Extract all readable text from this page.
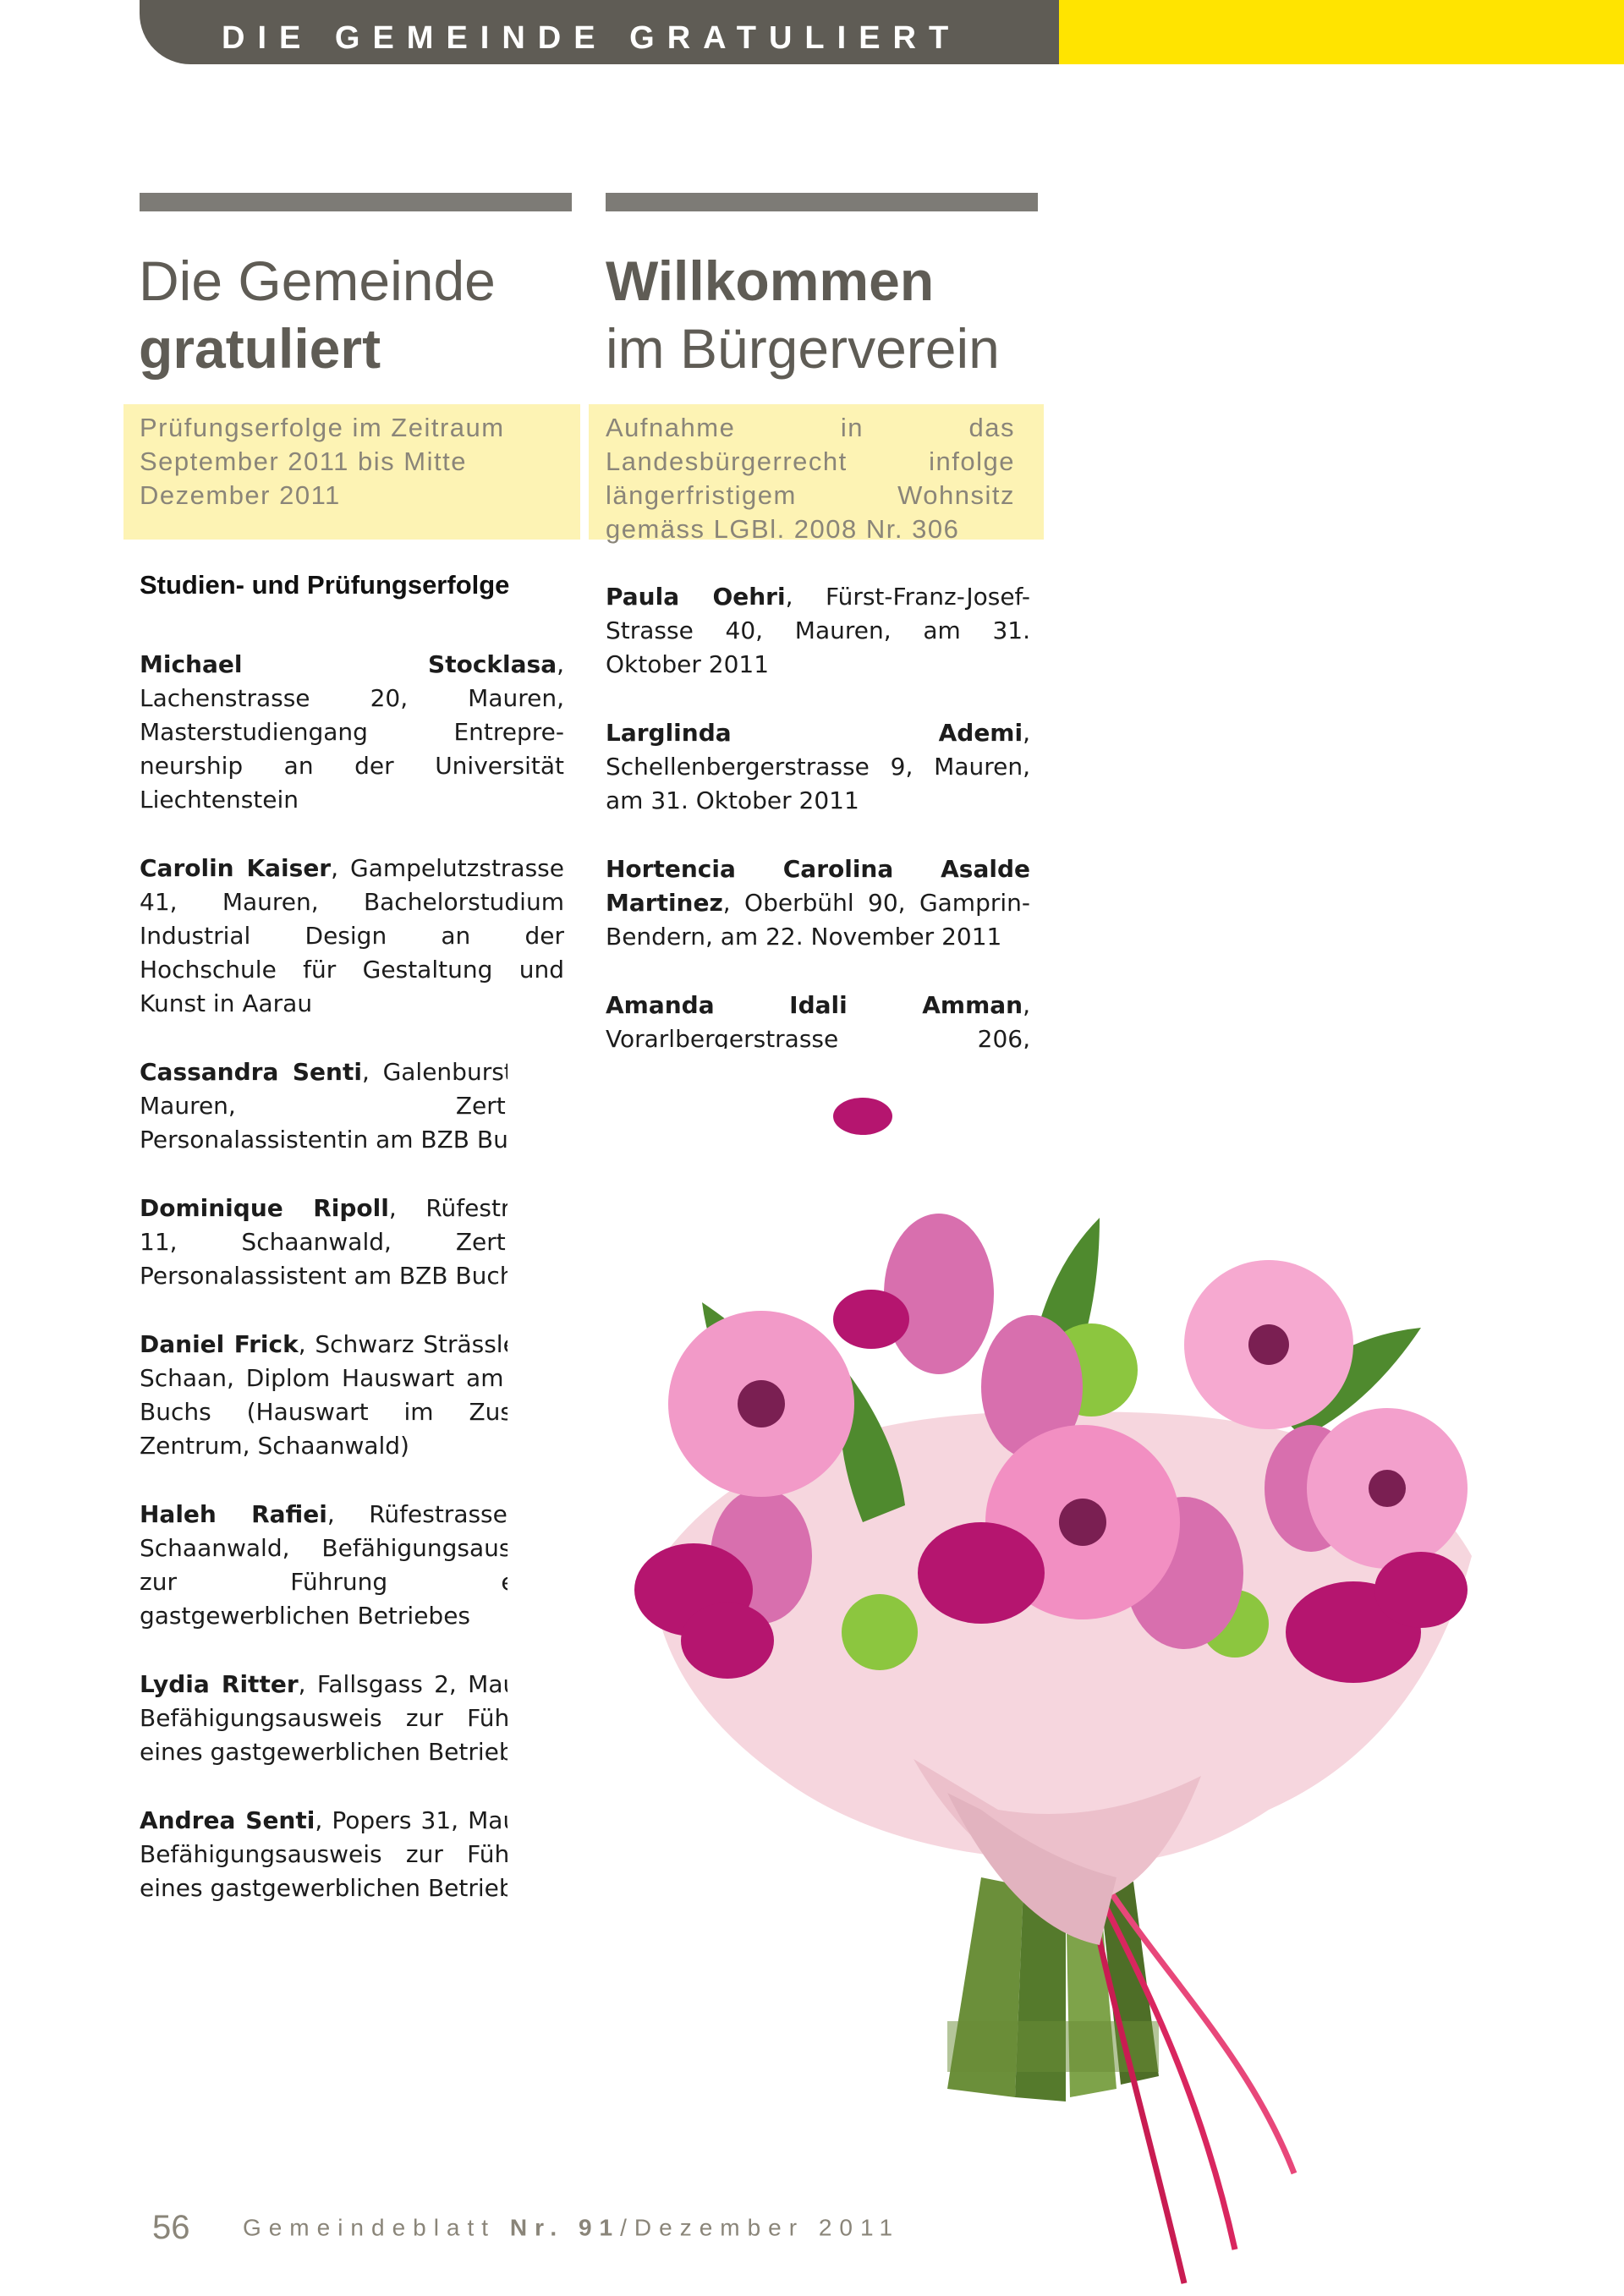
DIE GEMEINDE GRATULIERT
Die Gemeinde
gratuliert
Willkommen
im Bürgerverein
Prüfungserfolge im Zeitraum September 2011 bis Mitte Dezember 2011
Aufnahme in das Landesbürgerrecht infolge längerfristigem Wohnsitz gemäss LGBl. 2008 Nr. 306
Studien- und Prüfungserfolge

Michael Stocklasa, Lachenstrasse 20, Mauren, Masterstudiengang Entrepreneurship an der Universität Liechtenstein

Carolin Kaiser, Gampelutzstrasse 41, Mauren, Bachelorstudium Industrial Design an der Hochschule für Gestaltung und Kunst in Aarau

Cassandra Senti, Galenburst 15, Mauren, Zertifikat Personalassistentin am BZB Buchs

Dominique Ripoll, Rüfestrasse 11, Schaanwald, Zertifikat Personalassistent am BZB Buchs

Daniel Frick, Schwarz Strässle 15, Schaan, Diplom Hauswart am BZB Buchs (Hauswart im Zuschg-Zentrum, Schaanwald)

Haleh Rafiei, Rüfestrasse 5, Schaanwald, Befähigungsausweis zur Führung eines gastgewerblichen Betriebes

Lydia Ritter, Fallsgass 2, Mauren, Befähigungsausweis zur Führung eines gastgewerblichen Betriebes

Andrea Senti, Popers 31, Mauren, Befähigungsausweis zur Führung eines gastgewerblichen Betriebes

Paula Oehri, Fürst-Franz-Josef-Strasse 40, Mauren, am 31. Oktober 2011

Larglinda Ademi, Schellenbergerstrasse 9, Mauren, am 31. Oktober 2011

Hortencia Carolina Asalde Martinez, Oberbühl 90, Gamprin-Bendern, am 22. November 2011

Amanda Idali Amman, Vorarlbergerstrasse 206, Schaanwald, am 22. November 2011

56 Gemeindeblatt Nr. 91/Dezember 2011
